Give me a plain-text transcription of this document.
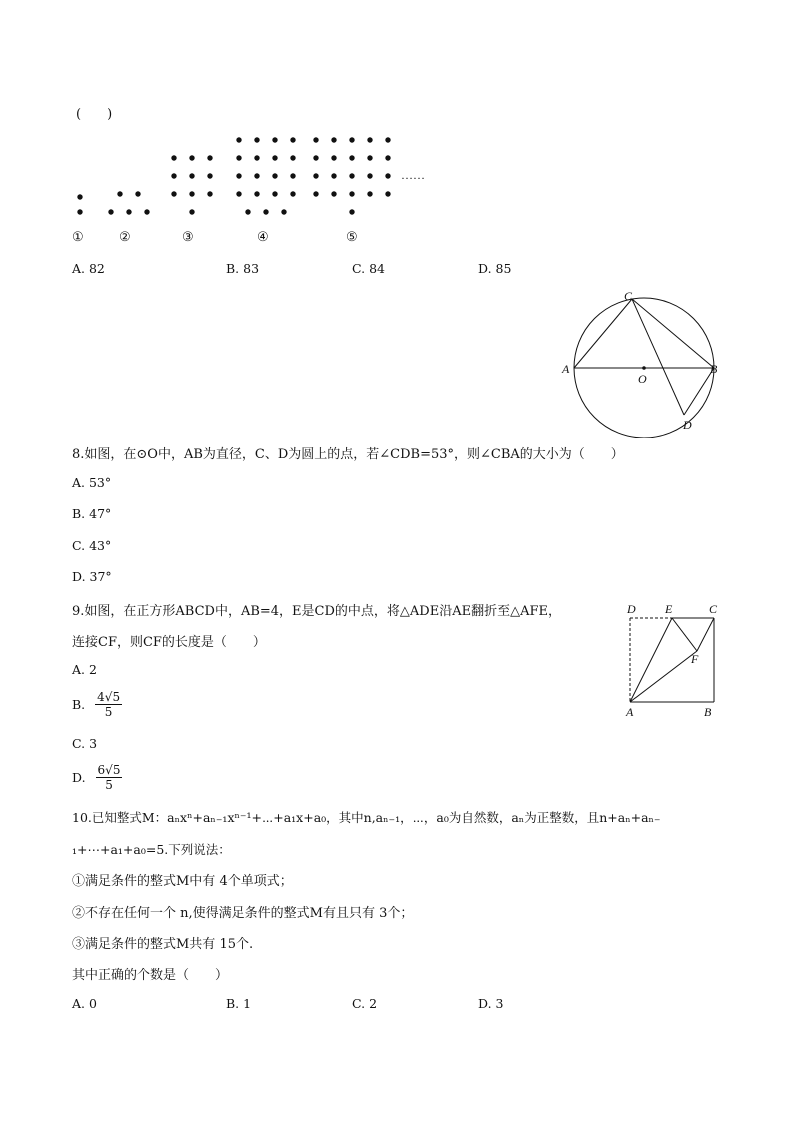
(　　)
……
①	②	③	④	⑤
A. 82	B. 83	C. 84	D. 85
C
A	B
O
D
8.如图，在⊙O中，AB为直径，C、D为圆上的点，若∠CDB=53°，则∠CBA的大小为（　　）
A. 53°
B. 47°
C. 43°
D. 37°
9.如图，在正方形ABCD中，AB=4，E是CD的中点，将△ADE沿AE翻折至△AFE，
连接CF，则CF的长度是（　　）
D E	C
F
A	B
A. 2
B. $\frac{4√5}{5}$
C. 3
D. $\frac{6√5}{5}$
10.已知整式M：aₙxⁿ+aₙ₋₁xⁿ⁻¹+⋯+a₁x+a₀，其中n,aₙ₋₁，⋯，a₀为自然数，aₙ为正整数，且n+aₙ+aₙ₋
₁+⋯+a₁+a₀=5.下列说法：
①满足条件的整式M中有 4个单项式；
②不存在任何一个 n,使得满足条件的整式M有且只有 3个；
③满足条件的整式M共有 15个.
其中正确的个数是（　　）
A. 0	B. 1	C. 2	D. 3
